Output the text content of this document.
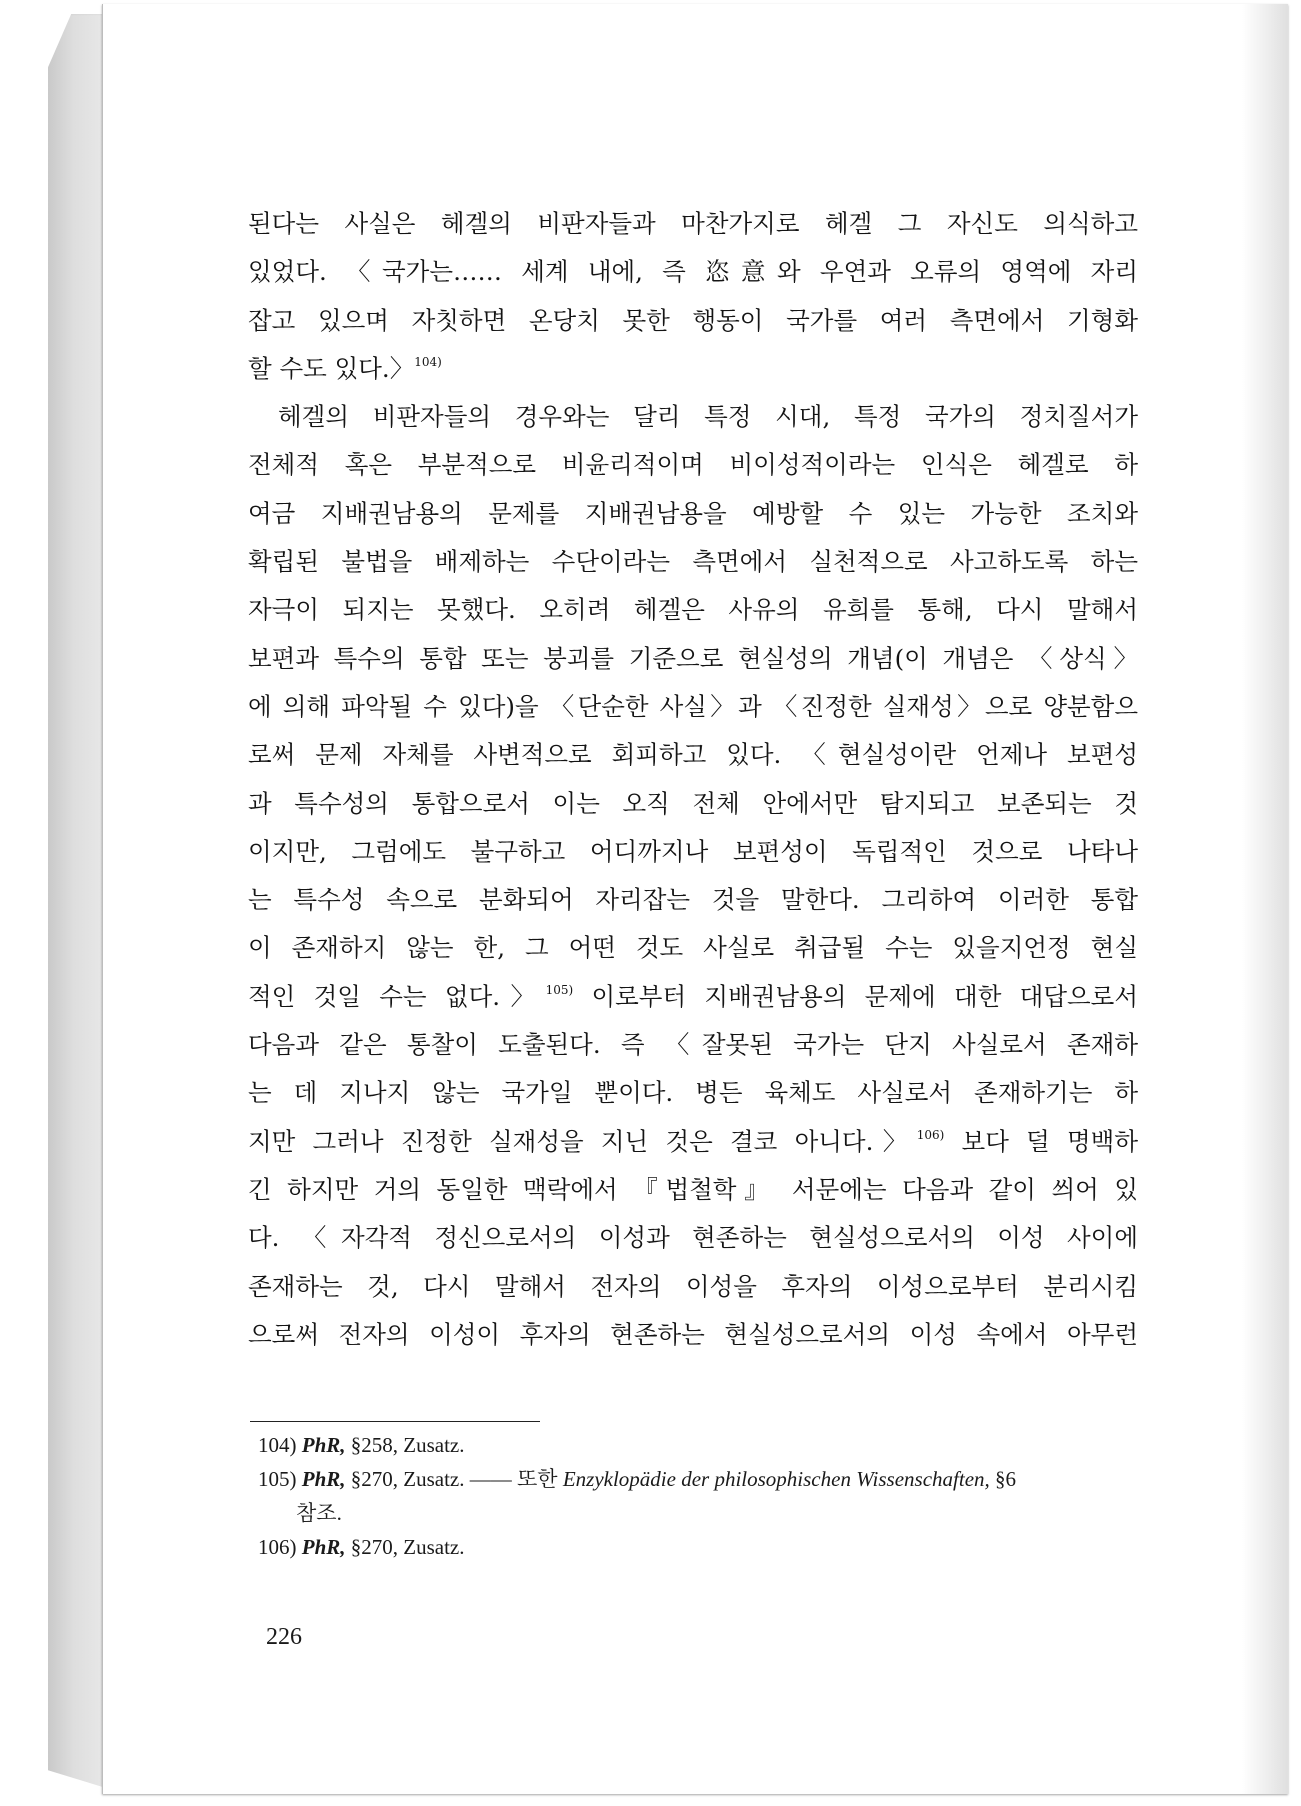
된다는 사실은 헤겔의 비판자들과 마찬가지로 헤겔 그 자신도 의식하고
있었다. 〈국가는…… 세계 내에, 즉 恣意와 우연과 오류의 영역에 자리
잡고 있으며 자칫하면 온당치 못한 행동이 국가를 여러 측면에서 기형화
할 수도 있다.〉$^{104)}$
헤겔의 비판자들의 경우와는 달리 특정 시대, 특정 국가의 정치질서가
전체적 혹은 부분적으로 비윤리적이며 비이성적이라는 인식은 헤겔로 하
여금 지배권남용의 문제를 지배권남용을 예방할 수 있는 가능한 조치와
확립된 불법을 배제하는 수단이라는 측면에서 실천적으로 사고하도록 하는
자극이 되지는 못했다. 오히려 헤겔은 사유의 유희를 통해, 다시 말해서
보편과 특수의 통합 또는 붕괴를 기준으로 현실성의 개념(이 개념은 〈상식〉
에 의해 파악될 수 있다)을 〈단순한 사실〉과 〈진정한 실재성〉으로 양분함으
로써 문제 자체를 사변적으로 회피하고 있다. 〈현실성이란 언제나 보편성
과 특수성의 통합으로서 이는 오직 전체 안에서만 탐지되고 보존되는 것
이지만, 그럼에도 불구하고 어디까지나 보편성이 독립적인 것으로 나타나
는 특수성 속으로 분화되어 자리잡는 것을 말한다. 그리하여 이러한 통합
이 존재하지 않는 한, 그 어떤 것도 사실로 취급될 수는 있을지언정 현실
적인 것일 수는 없다.〉$^{105)}$ 이로부터 지배권남용의 문제에 대한 대답으로서
다음과 같은 통찰이 도출된다. 즉 〈잘못된 국가는 단지 사실로서 존재하
는 데 지나지 않는 국가일 뿐이다. 병든 육체도 사실로서 존재하기는 하
지만 그러나 진정한 실재성을 지닌 것은 결코 아니다.〉$^{106)}$ 보다 덜 명백하
긴 하지만 거의 동일한 맥락에서 『법철학』 서문에는 다음과 같이 씌어 있
다. 〈자각적 정신으로서의 이성과 현존하는 현실성으로서의 이성 사이에
존재하는 것, 다시 말해서 전자의 이성을 후자의 이성으로부터 분리시킴
으로써 전자의 이성이 후자의 현존하는 현실성으로서의 이성 속에서 아무런
104) PhR, §258, Zusatz.
105) PhR, §270, Zusatz. —— 또한 Enzyklopädie der philosophischen Wissenschaften, §6
참조.
106) PhR, §270, Zusatz.
226
